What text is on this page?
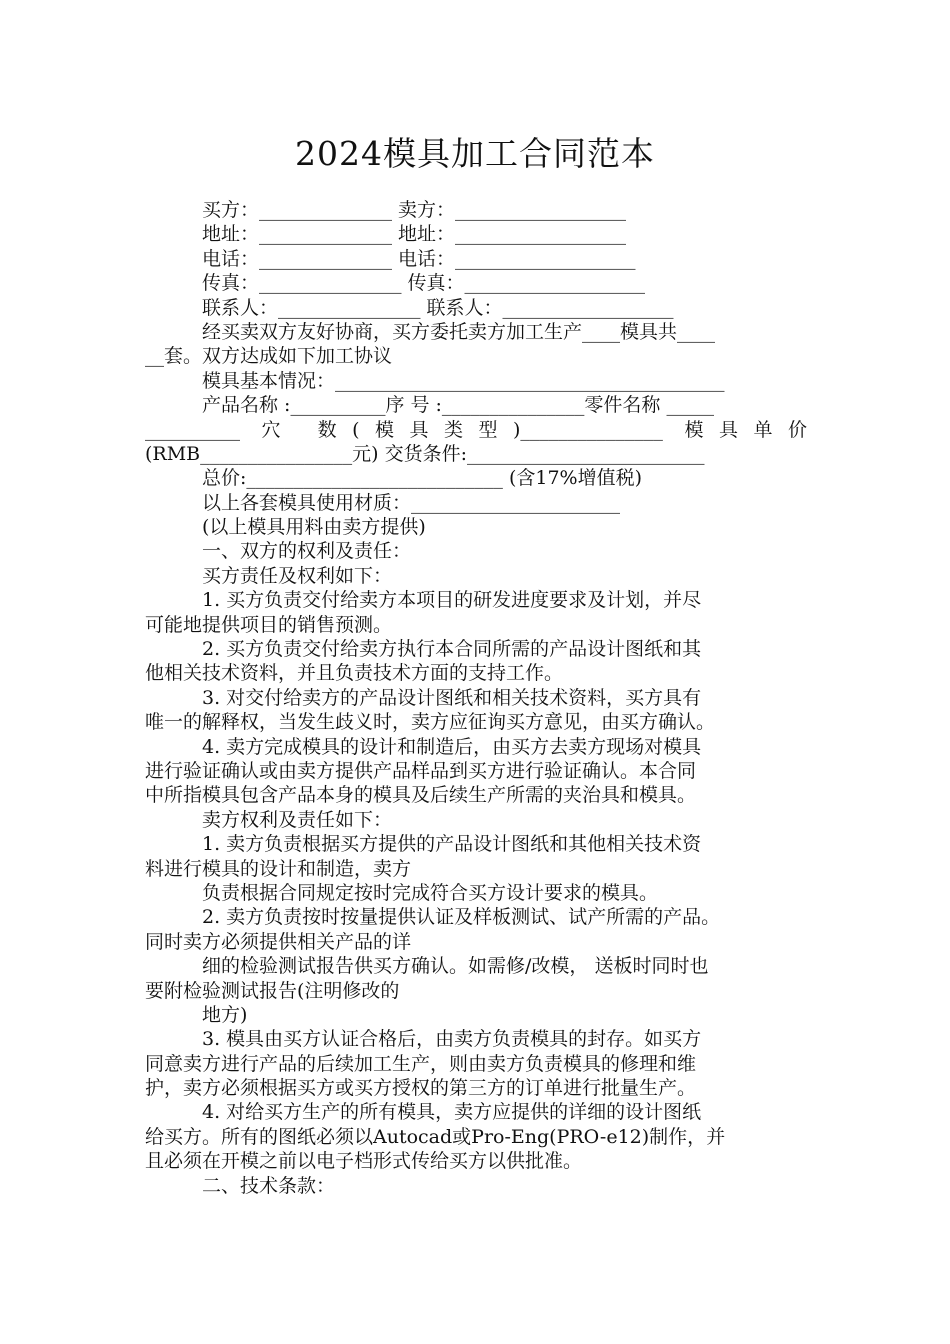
2024模具加工合同范本
买方：______________ 卖方：__________________
地址：______________ 地址：__________________
电话：______________ 电话：___________________
传真：_______________ 传真：___________________
联系人：_______________ 联系人：__________________
经买卖双方友好协商，买方委托卖方加工生产____模具共____
__套。双方达成如下加工协议
模具基本情况：_________________________________________
产品名称 :__________序 号 :_______________零件名称 _____
__________ 穴 数(模具类型)_______________ 模具单价
(RMB________________元) 交货条件:_________________________
总价:___________________________ (含17%增值税)
以上各套模具使用材质：______________________
(以上模具用料由卖方提供)
一、双方的权利及责任：
买方责任及权利如下：
1. 买方负责交付给卖方本项目的研发进度要求及计划，并尽
可能地提供项目的销售预测。
2. 买方负责交付给卖方执行本合同所需的产品设计图纸和其
他相关技术资料，并且负责技术方面的支持工作。
3. 对交付给卖方的产品设计图纸和相关技术资料，买方具有
唯一的解释权，当发生歧义时，卖方应征询买方意见，由买方确认。
4. 卖方完成模具的设计和制造后，由买方去卖方现场对模具
进行验证确认或由卖方提供产品样品到买方进行验证确认。本合同
中所指模具包含产品本身的模具及后续生产所需的夹治具和模具。
卖方权利及责任如下：
1. 卖方负责根据买方提供的产品设计图纸和其他相关技术资
料进行模具的设计和制造，卖方
负责根据合同规定按时完成符合买方设计要求的模具。
2. 卖方负责按时按量提供认证及样板测试、试产所需的产品。
同时卖方必须提供相关产品的详
细的检验测试报告供买方确认。如需修/改模， 送板时同时也
要附检验测试报告(注明修改的
地方)
3. 模具由买方认证合格后，由卖方负责模具的封存。如买方
同意卖方进行产品的后续加工生产，则由卖方负责模具的修理和维
护，卖方必须根据买方或买方授权的第三方的订单进行批量生产。
4. 对给买方生产的所有模具，卖方应提供的详细的设计图纸
给买方。所有的图纸必须以Autocad或Pro-Eng(PRO-e12)制作，并
且必须在开模之前以电子档形式传给买方以供批准。
二、技术条款：
